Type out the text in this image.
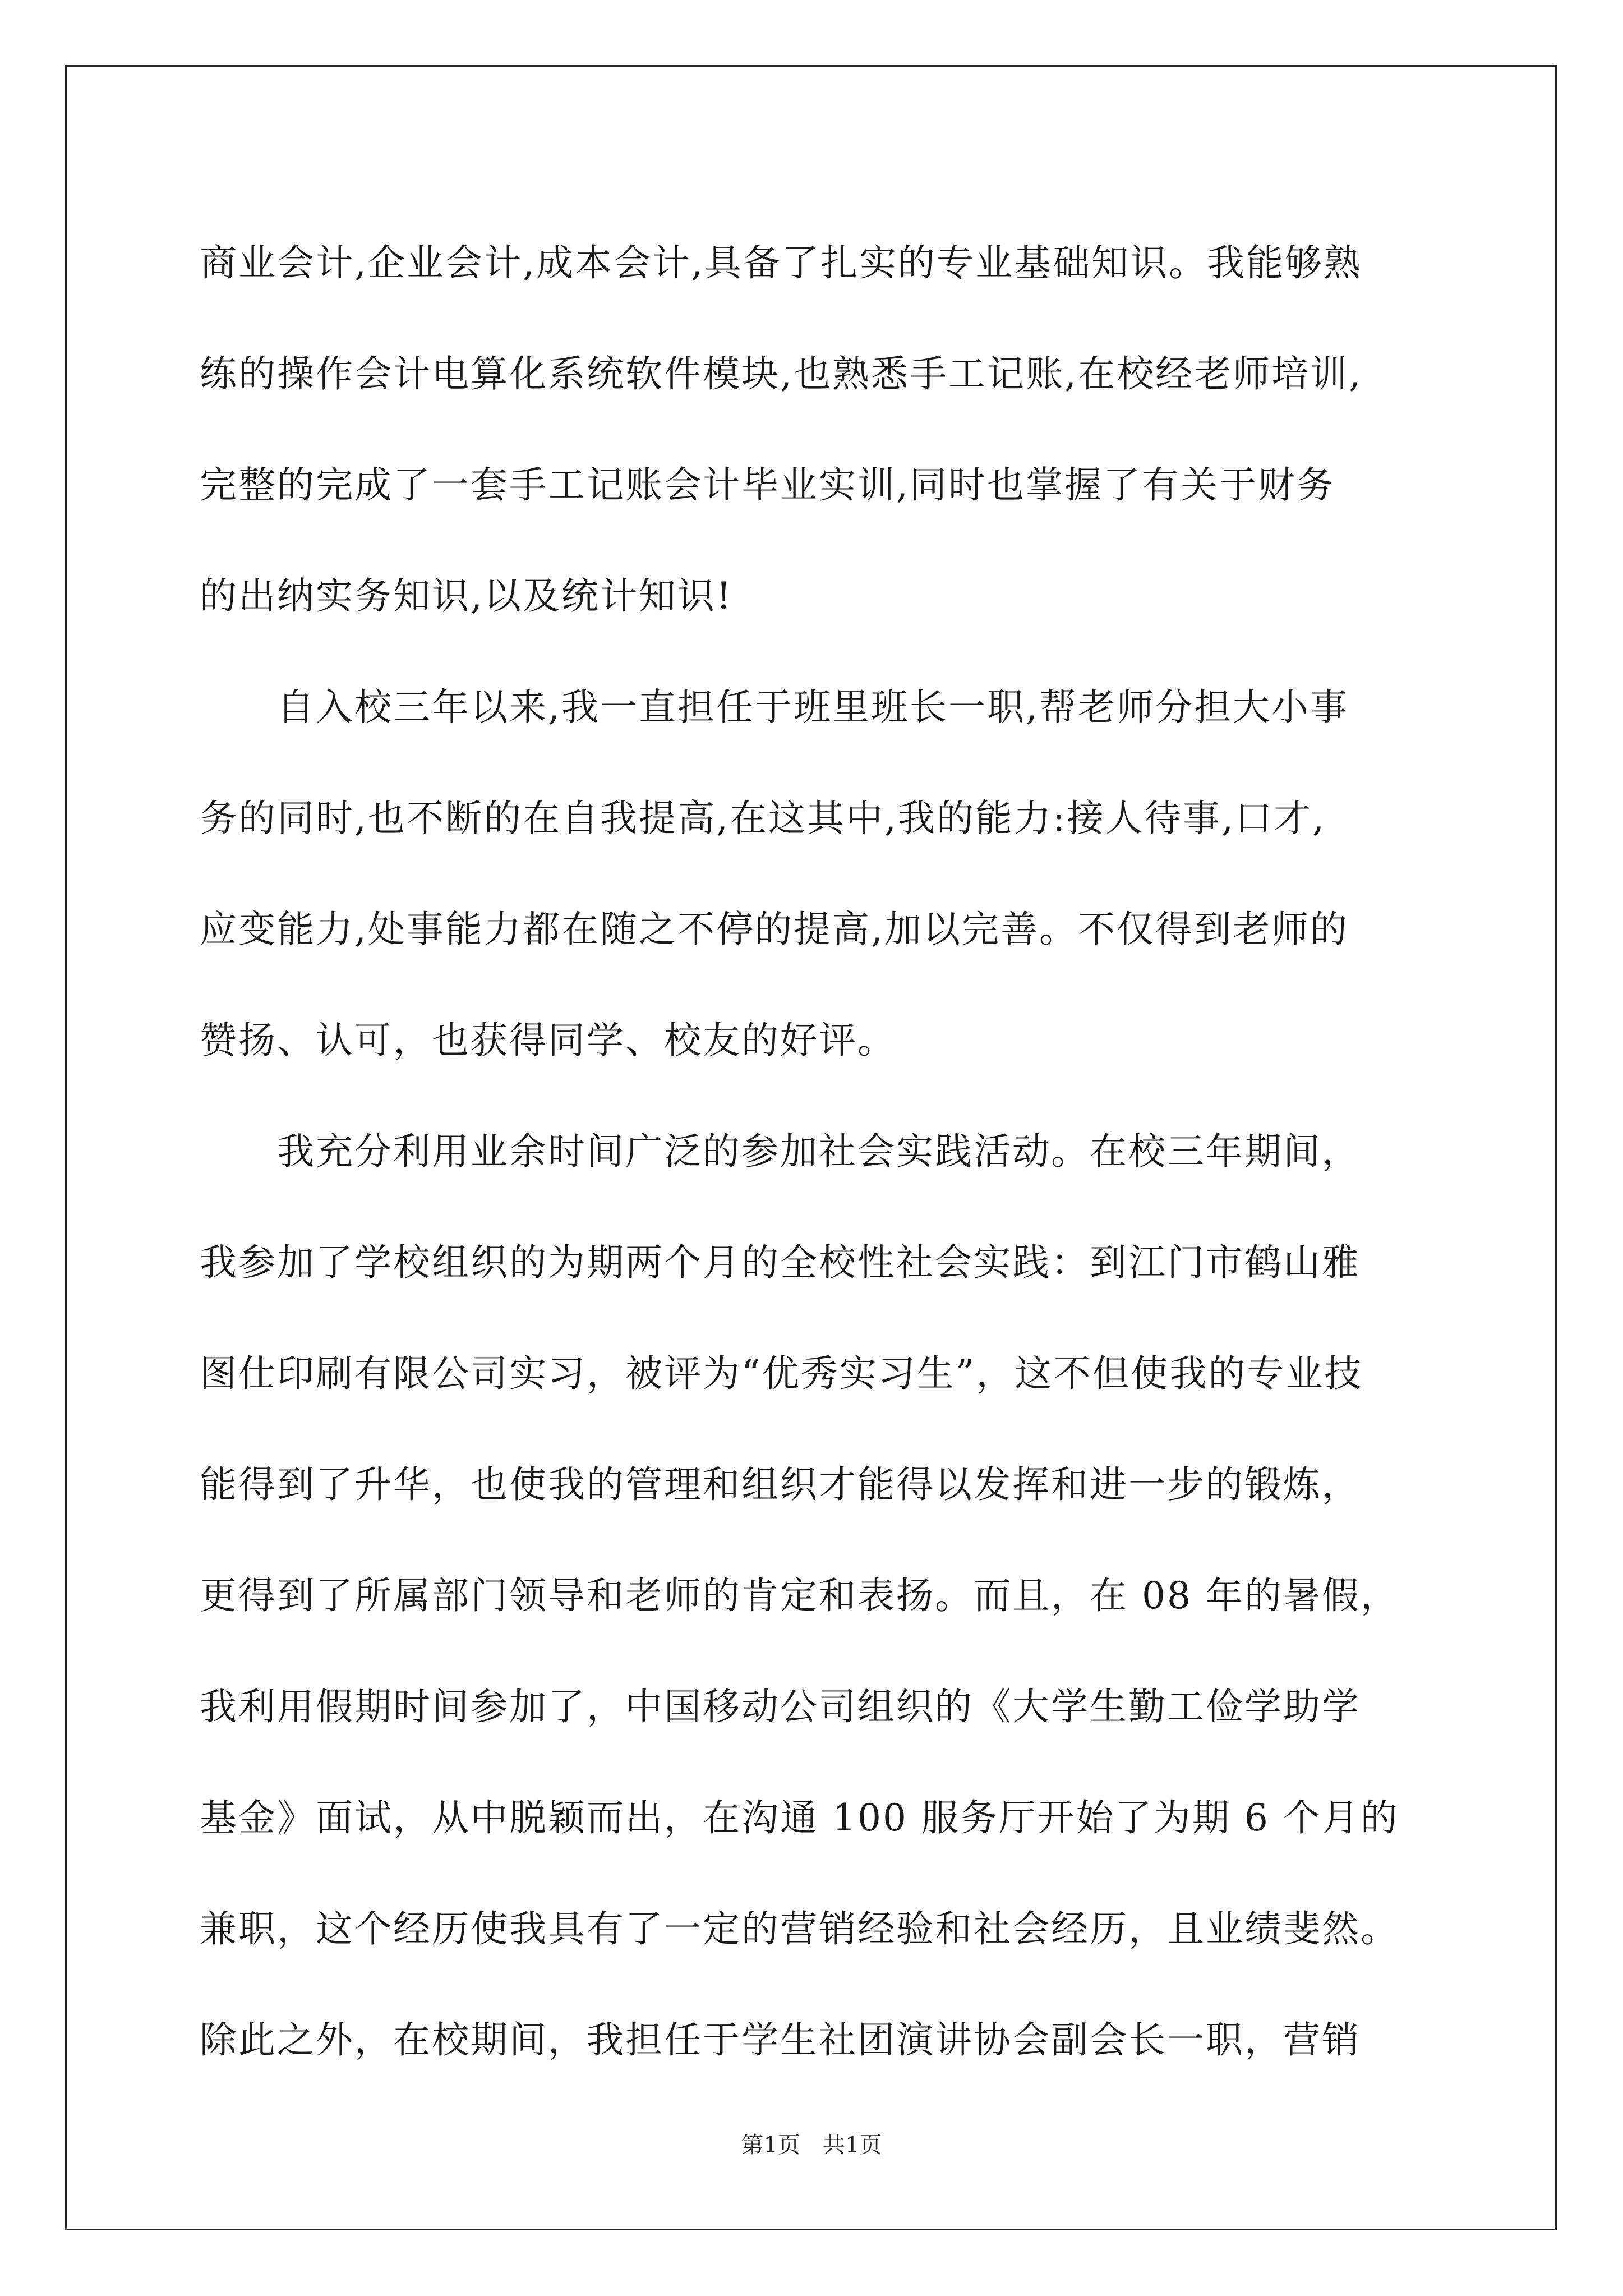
商业会计,企业会计,成本会计,具备了扎实的专业基础知识。我能够熟
练的操作会计电算化系统软件模块,也熟悉手工记账,在校经老师培训,
完整的完成了一套手工记账会计毕业实训,同时也掌握了有关于财务
的出纳实务知识,以及统计知识!
　　自入校三年以来,我一直担任于班里班长一职,帮老师分担大小事
务的同时,也不断的在自我提高,在这其中,我的能力:接人待事,口才,
应变能力,处事能力都在随之不停的提高,加以完善。不仅得到老师的
赞扬、认可，也获得同学、校友的好评。
　　我充分利用业余时间广泛的参加社会实践活动。在校三年期间，
我参加了学校组织的为期两个月的全校性社会实践：到江门市鹤山雅
图仕印刷有限公司实习，被评为“优秀实习生”，这不但使我的专业技
能得到了升华，也使我的管理和组织才能得以发挥和进一步的锻炼，
更得到了所属部门领导和老师的肯定和表扬。而且，在 08 年的暑假，
我利用假期时间参加了，中国移动公司组织的《大学生勤工俭学助学
基金》面试，从中脱颖而出，在沟通 100 服务厅开始了为期 6 个月的
兼职，这个经历使我具有了一定的营销经验和社会经历，且业绩斐然。
除此之外，在校期间，我担任于学生社团演讲协会副会长一职，营销
第1页　共1页
